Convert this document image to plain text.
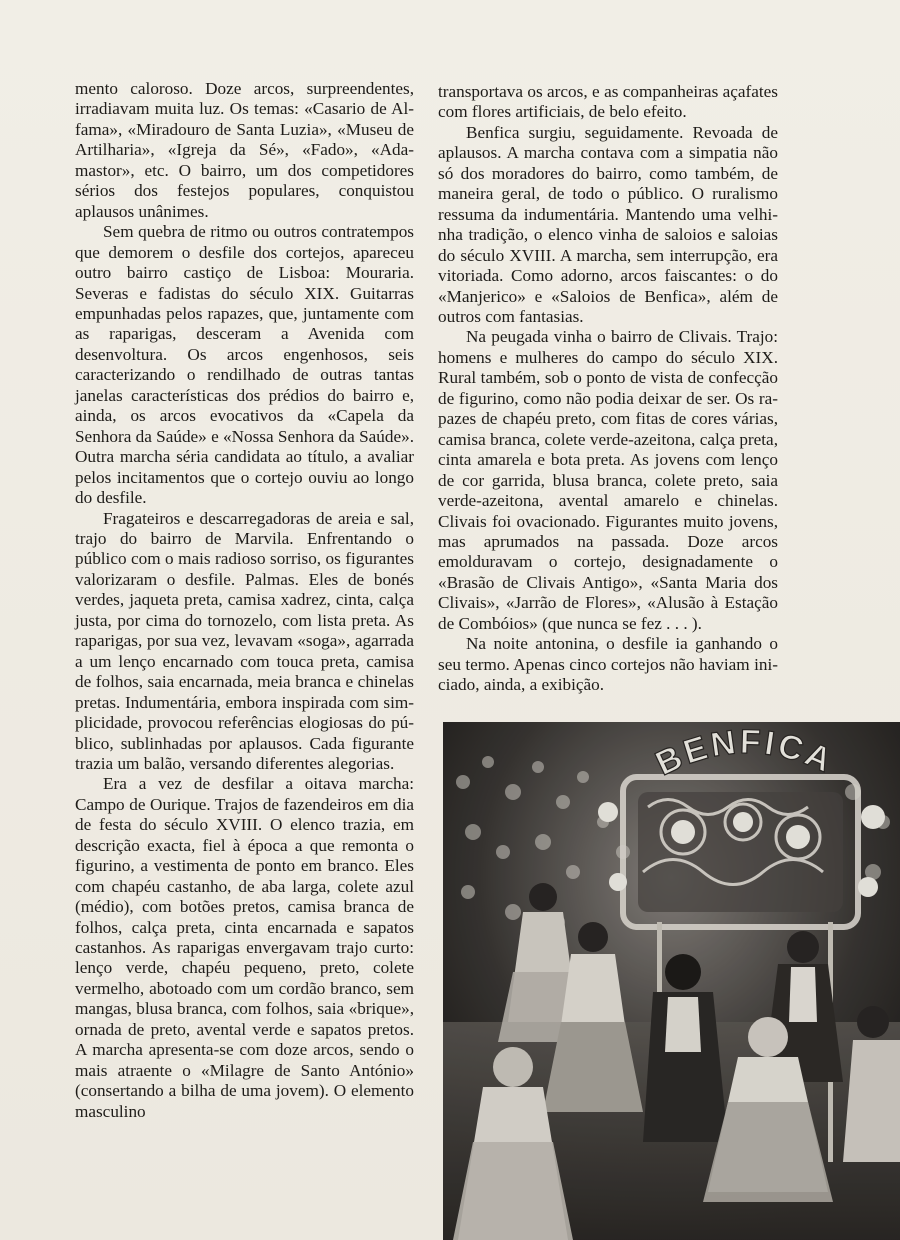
mento caloroso. Doze arcos, surpreendentes, irradiavam muita luz. Os temas: «Casario de Alfama», «Miradouro de Santa Luzia», «Museu de Artilharia», «Igreja da Sé», «Fado», «Adamastor», etc. O bairro, um dos competidores sérios dos festejos populares, conquistou aplausos unânimes.

Sem quebra de ritmo ou outros contratempos que demorem o desfile dos cortejos, apareceu outro bairro castiço de Lisboa: Mouraria. Severas e fadistas do século XIX. Guitarras empunhadas pelos rapazes, que, juntamente com as raparigas, desceram a Avenida com desenvoltura. Os arcos engenhosos, seis caracterizando o rendilhado de outras tantas janelas características dos prédios do bairro e, ainda, os arcos evocativos da «Capela da Senhora da Saúde» e «Nossa Senhora da Saúde». Outra marcha séria candidata ao título, a avaliar pelos incitamentos que o cortejo ouviu ao longo do desfile.

Fragateiros e descarregadoras de areia e sal, trajo do bairro de Marvila. Enfrentando o público com o mais radioso sorriso, os figurantes valorizaram o desfile. Palmas. Eles de bonés verdes, jaqueta preta, camisa xadrez, cinta, calça justa, por cima do tornozelo, com lista preta. As raparigas, por sua vez, levavam «soga», agarrada a um lenço encarnado com touca preta, camisa de folhos, saia encarnada, meia branca e chinelas pretas. Indumentária, embora inspirada com simplicidade, provocou referências elogiosas do público, sublinhadas por aplausos. Cada figurante trazia um balão, versando diferentes alegorias.

Era a vez de desfilar a oitava marcha: Campo de Ourique. Trajos de fazendeiros em dia de festa do século XVIII. O elenco trazia, em descrição exacta, fiel à época a que remonta o figurino, a vestimenta de ponto em branco. Eles com chapéu castanho, de aba larga, colete azul (médio), com botões pretos, camisa branca de folhos, calça preta, cinta encarnada e sapatos castanhos. As raparigas envergavam trajo curto: lenço verde, chapéu pequeno, preto, colete vermelho, abotoado com um cordão branco, sem mangas, blusa branca, com folhos, saia «brique», ornada de preto, avental verde e sapatos pretos. A marcha apresenta-se com doze arcos, sendo o mais atraente o «Milagre de Santo António» (consertando a bilha de uma jovem). O elemento masculino

transportava os arcos, e as companheiras açafates com flores artificiais, de belo efeito.

Benfica surgiu, seguidamente. Revoada de aplausos. A marcha contava com a simpatia não só dos moradores do bairro, como também, de maneira geral, de todo o público. O ruralismo ressuma da indumentária. Mantendo uma velhinha tradição, o elenco vinha de saloios e saloias do século XVIII. A marcha, sem interrupção, era vitoriada. Como adorno, arcos faiscantes: o do «Manjerico» e «Saloios de Benfica», além de outros com fantasias.

Na peugada vinha o bairro de Clivais. Trajo: homens e mulheres do campo do século XIX. Rural também, sob o ponto de vista de confecção de figurino, como não podia deixar de ser. Os rapazes de chapéu preto, com fitas de cores várias, camisa branca, colete verde-azeitona, calça preta, cinta amarela e bota preta. As jovens com lenço de cor garrida, blusa branca, colete preto, saia verde-azeitona, avental amarelo e chinelas. Clivais foi ovacionado. Figurantes muito jovens, mas aprumados na passada. Doze arcos emolduravam o cortejo, designadamente o «Brasão de Clivais Antigo», «Santa Maria dos Clivais», «Jarrão de Flores», «Alusão à Estação de Combóios» (que nunca se fez . . . ).

Na noite antonina, o desfile ia ganhando o seu termo. Apenas cinco cortejos não haviam iniciado, ainda, a exibição.

BENFICA
